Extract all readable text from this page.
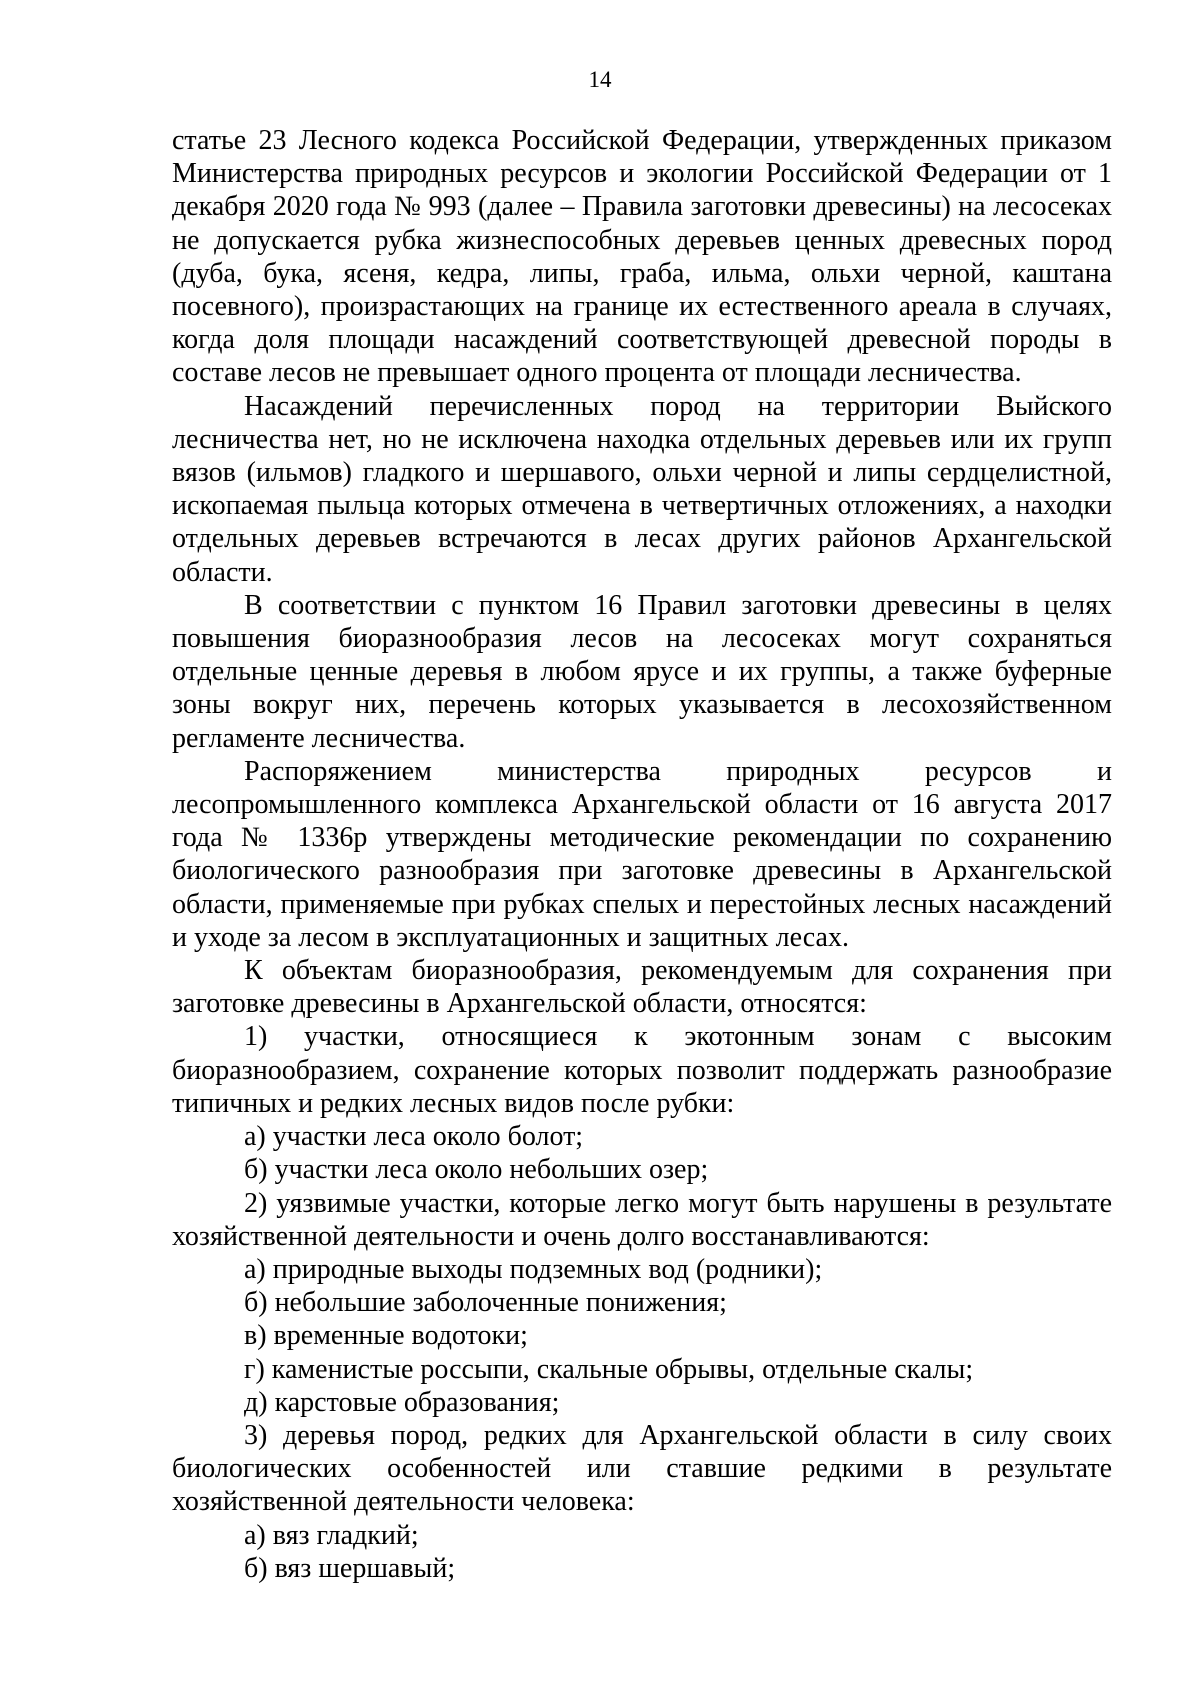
14

статье 23 Лесного кодекса Российской Федерации, утвержденных приказом Министерства природных ресурсов и экологии Российской Федерации от 1 декабря 2020 года № 993 (далее – Правила заготовки древесины) на лесосеках не допускается рубка жизнеспособных деревьев ценных древесных пород (дуба, бука, ясеня, кедра, липы, граба, ильма, ольхи черной, каштана посевного), произрастающих на границе их естественного ареала в случаях, когда доля площади насаждений соответствующей древесной породы в составе лесов не превышает одного процента от площади лесничества.

Насаждений перечисленных пород на территории Выйского лесничества нет, но не исключена находка отдельных деревьев или их групп вязов (ильмов) гладкого и шершавого, ольхи черной и липы сердцелистной, ископаемая пыльца которых отмечена в четвертичных отложениях, а находки отдельных деревьев встречаются в лесах других районов Архангельской области.

В соответствии с пунктом 16 Правил заготовки древесины в целях повышения биоразнообразия лесов на лесосеках могут сохраняться отдельные ценные деревья в любом ярусе и их группы, а также буферные зоны вокруг них, перечень которых указывается в лесохозяйственном регламенте лесничества.

Распоряжением министерства природных ресурсов и лесопромышленного комплекса Архангельской области от 16 августа 2017 года № 1336р утверждены методические рекомендации по сохранению биологического разнообразия при заготовке древесины в Архангельской области, применяемые при рубках спелых и перестойных лесных насаждений и уходе за лесом в эксплуатационных и защитных лесах.

К объектам биоразнообразия, рекомендуемым для сохранения при заготовке древесины в Архангельской области, относятся:

1) участки, относящиеся к экотонным зонам с высоким биоразнообразием, сохранение которых позволит поддержать разнообразие типичных и редких лесных видов после рубки:

а) участки леса около болот;

б) участки леса около небольших озер;

2) уязвимые участки, которые легко могут быть нарушены в результате хозяйственной деятельности и очень долго восстанавливаются:

а) природные выходы подземных вод (родники);

б) небольшие заболоченные понижения;

в) временные водотоки;

г) каменистые россыпи, скальные обрывы, отдельные скалы;

д) карстовые образования;

3) деревья пород, редких для Архангельской области в силу своих биологических особенностей или ставшие редкими в результате хозяйственной деятельности человека:

а) вяз гладкий;

б) вяз шершавый;
